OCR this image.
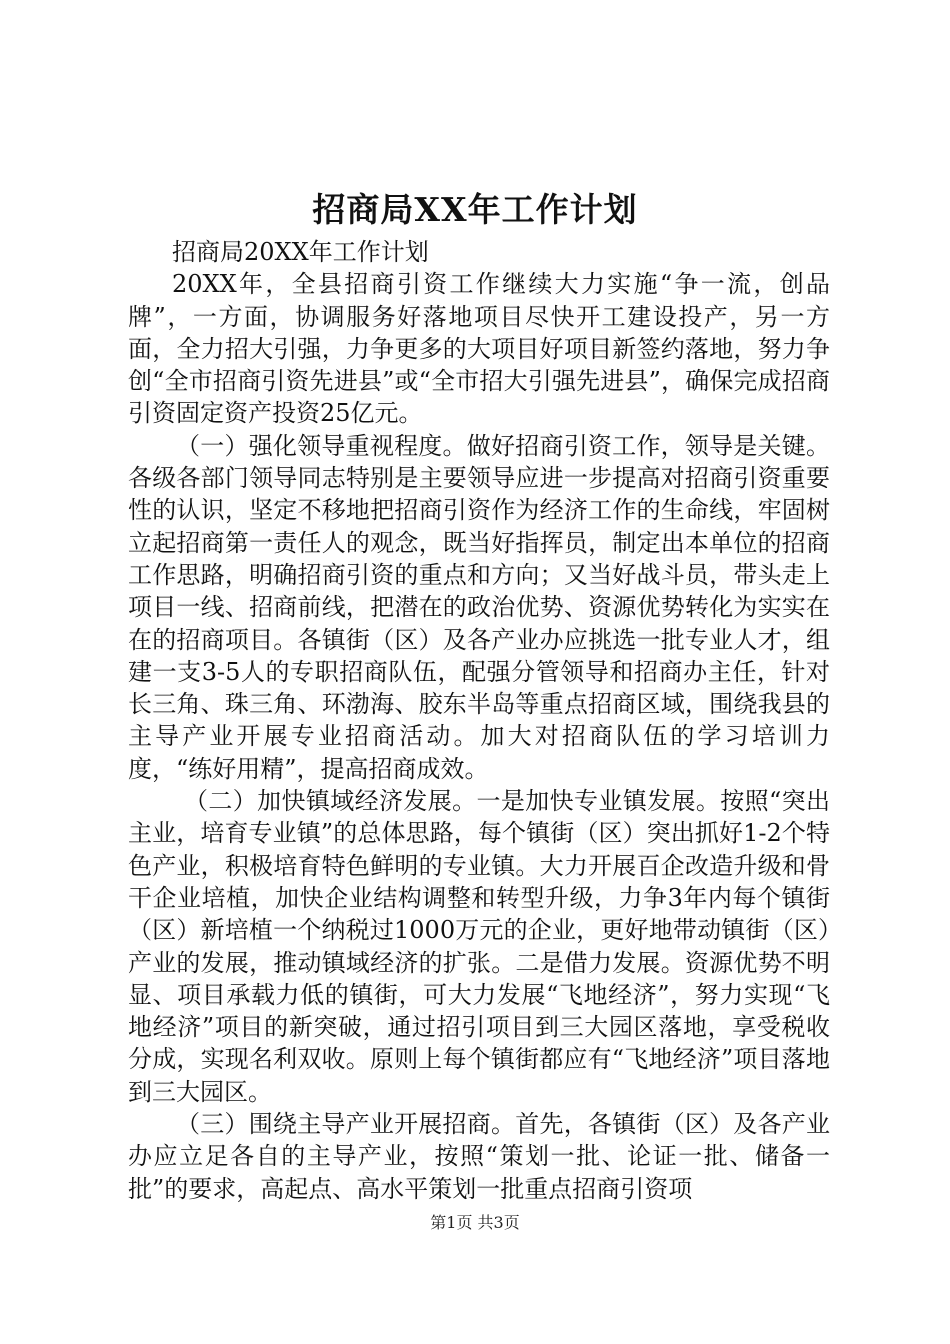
招商局XX年工作计划

招商局20XX年工作计划

20XX年，全县招商引资工作继续大力实施“争一流，创品牌”，一方面，协调服务好落地项目尽快开工建设投产，另一方面，全力招大引强，力争更多的大项目好项目新签约落地，努力争创“全市招商引资先进县”或“全市招大引强先进县”，确保完成招商引资固定资产投资25亿元。

（一）强化领导重视程度。做好招商引资工作，领导是关键。各级各部门领导同志特别是主要领导应进一步提高对招商引资重要性的认识，坚定不移地把招商引资作为经济工作的生命线，牢固树立起招商第一责任人的观念，既当好指挥员，制定出本单位的招商工作思路，明确招商引资的重点和方向；又当好战斗员，带头走上项目一线、招商前线，把潜在的政治优势、资源优势转化为实实在在的招商项目。各镇街（区）及各产业办应挑选一批专业人才，组建一支3-5人的专职招商队伍，配强分管领导和招商办主任，针对长三角、珠三角、环渤海、胶东半岛等重点招商区域，围绕我县的主导产业开展专业招商活动。加大对招商队伍的学习培训力度，“练好用精”，提高招商成效。

（二）加快镇域经济发展。一是加快专业镇发展。按照“突出主业，培育专业镇”的总体思路，每个镇街（区）突出抓好1-2个特色产业，积极培育特色鲜明的专业镇。大力开展百企改造升级和骨干企业培植，加快企业结构调整和转型升级，力争3年内每个镇街（区）新培植一个纳税过1000万元的企业，更好地带动镇街（区）产业的发展，推动镇域经济的扩张。二是借力发展。资源优势不明显、项目承载力低的镇街，可大力发展“飞地经济”，努力实现“飞地经济”项目的新突破，通过招引项目到三大园区落地，享受税收分成，实现名利双收。原则上每个镇街都应有“飞地经济”项目落地到三大园区。

（三）围绕主导产业开展招商。首先，各镇街（区）及各产业办应立足各自的主导产业，按照“策划一批、论证一批、储备一批”的要求，高起点、高水平策划一批重点招商引资项

第1页 共3页
